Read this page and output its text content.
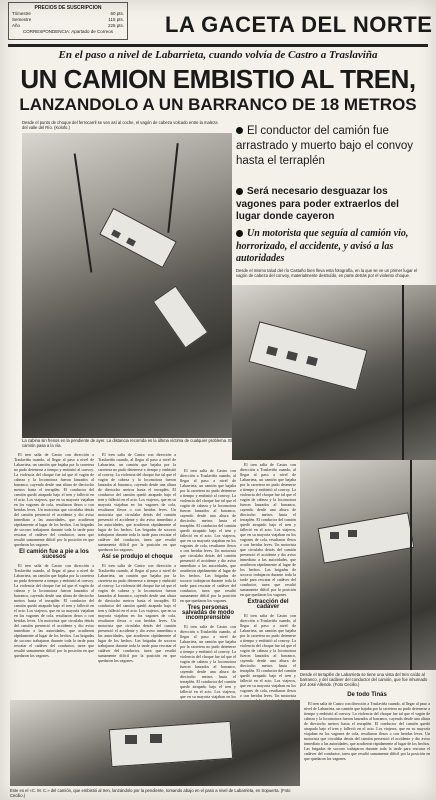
PRECIOS DE SUSCRIPCION
Trimestre	60 pts.
Semestre	115 pts.
Año	225 pts.
CORRESPONDENCIA: Apartado de Correos	LA GACETA DEL NORTE
En el paso a nivel de Labarrieta, cuando volvía de Castro a Traslaviña
UN CAMION EMBISTIO AL TREN,
LANZANDOLO A UN BARRANCO DE 18 METROS
Desde el punto de choque del ferrocarril se ven así al coche, el vagón de cabeza volcado entre la maleza del valle del Río. (Kolofo.)
La cabina sin frenos en la pendiente de ayer. La distancia recorrida es la última víctima de cualquier problema. El camión pasa a la vía.
El conductor del camión fue arrastrado y muerto bajo el convoy hasta el terraplén
Será necesario desguazar los vagones para poder extraerlos del lugar donde cayeron
Un motorista que seguía al camión vio, horrorizado, el accidente, y avisó a las autoridades
Desde el mismo talud del río Castaño bien lleva esta fotografía, en la que se ve un primer lugar el vagón de cabeza del convoy, materialmente destruído, en parte detrás por el violento choque.

El tren salía de Castro con dirección a Traslaviña cuando, al llegar al paso a nivel de Labarrieta, un camión que bajaba por la carretera no pudo detenerse a tiempo y embistió al convoy. La violencia del choque fue tal que el vagón de cabeza y la locomotora fueron lanzados al barranco, cayendo desde una altura de dieciocho metros hasta el terraplén. El conductor del camión quedó atrapado bajo el tren y falleció en el acto. Los viajeros, que en su mayoría viajaban en los vagones de cola, resultaron ilesos o con heridas leves. Un motorista que circulaba detrás del camión presenció el accidente y dio aviso inmediato a las autoridades, que acudieron rápidamente al lugar de los hechos. Las brigadas de socorro trabajaron durante toda la tarde para rescatar el cadáver del conductor, tarea que resultó sumamente difícil por la posición en que quedaron los vagones.

El camión fue a pie a los sucesos

El tren salía de Castro con dirección a Traslaviña cuando, al llegar al paso a nivel de Labarrieta, un camión que bajaba por la carretera no pudo detenerse a tiempo y embistió al convoy. La violencia del choque fue tal que el vagón de cabeza y la locomotora fueron lanzados al barranco, cayendo desde una altura de dieciocho metros hasta el terraplén. El conductor del camión quedó atrapado bajo el tren y falleció en el acto. Los viajeros, que en su mayoría viajaban en los vagones de cola, resultaron ilesos o con heridas leves. Un motorista que circulaba detrás del camión presenció el accidente y dio aviso inmediato a las autoridades, que acudieron rápidamente al lugar de los hechos. Las brigadas de socorro trabajaron durante toda la tarde para rescatar el cadáver del conductor, tarea que resultó sumamente difícil por la posición en que quedaron los vagones.

El tren salía de Castro con dirección a Traslaviña cuando, al llegar al paso a nivel de Labarrieta, un camión que bajaba por la carretera no pudo detenerse a tiempo y embistió al convoy. La violencia del choque fue tal que el vagón de cabeza y la locomotora fueron lanzados al barranco, cayendo desde una altura de dieciocho metros hasta el terraplén. El conductor del camión quedó atrapado bajo el tren y falleció en el acto. Los viajeros, que en su mayoría viajaban en los vagones de cola, resultaron ilesos o con heridas leves. Un motorista que circulaba detrás del camión presenció el accidente y dio aviso inmediato a las autoridades, que acudieron rápidamente al lugar de los hechos. Las brigadas de socorro trabajaron durante toda la tarde para rescatar el cadáver del conductor, tarea que resultó sumamente difícil por la posición en que quedaron los vagones.

Así se produjo el choque

El tren salía de Castro con dirección a Traslaviña cuando, al llegar al paso a nivel de Labarrieta, un camión que bajaba por la carretera no pudo detenerse a tiempo y embistió al convoy. La violencia del choque fue tal que el vagón de cabeza y la locomotora fueron lanzados al barranco, cayendo desde una altura de dieciocho metros hasta el terraplén. El conductor del camión quedó atrapado bajo el tren y falleció en el acto. Los viajeros, que en su mayoría viajaban en los vagones de cola, resultaron ilesos o con heridas leves. Un motorista que circulaba detrás del camión presenció el accidente y dio aviso inmediato a las autoridades, que acudieron rápidamente al lugar de los hechos. Las brigadas de socorro trabajaron durante toda la tarde para rescatar el cadáver del conductor, tarea que resultó sumamente difícil por la posición en que quedaron los vagones.

El tren salía de Castro con dirección a Traslaviña cuando, al llegar al paso a nivel de Labarrieta, un camión que bajaba por la carretera no pudo detenerse a tiempo y embistió al convoy. La violencia del choque fue tal que el vagón de cabeza y la locomotora fueron lanzados al barranco, cayendo desde una altura de dieciocho metros hasta el terraplén. El conductor del camión quedó atrapado bajo el tren y falleció en el acto. Los viajeros, que en su mayoría viajaban en los vagones de cola, resultaron ilesos o con heridas leves. Un motorista que circulaba detrás del camión presenció el accidente y dio aviso inmediato a las autoridades, que acudieron rápidamente al lugar de los hechos. Las brigadas de socorro trabajaron durante toda la tarde para rescatar el cadáver del conductor, tarea que resultó sumamente difícil por la posición en que quedaron los vagones.

Tres personas salvadas de modo incomprensible

El tren salía de Castro con dirección a Traslaviña cuando, al llegar al paso a nivel de Labarrieta, un camión que bajaba por la carretera no pudo detenerse a tiempo y embistió al convoy. La violencia del choque fue tal que el vagón de cabeza y la locomotora fueron lanzados al barranco, cayendo desde una altura de dieciocho metros hasta el terraplén. El conductor del camión quedó atrapado bajo el tren y falleció en el acto. Los viajeros, que en su mayoría viajaban en los

El tren salía de Castro con dirección a Traslaviña cuando, al llegar al paso a nivel de Labarrieta, un camión que bajaba por la carretera no pudo detenerse a tiempo y embistió al convoy. La violencia del choque fue tal que el vagón de cabeza y la locomotora fueron lanzados al barranco, cayendo desde una altura de dieciocho metros hasta el terraplén. El conductor del camión quedó atrapado bajo el tren y falleció en el acto. Los viajeros, que en su mayoría viajaban en los vagones de cola, resultaron ilesos o con heridas leves. Un motorista que circulaba detrás del camión presenció el accidente y dio aviso inmediato a las autoridades, que acudieron rápidamente al lugar de los hechos. Las brigadas de socorro trabajaron durante toda la tarde para rescatar el cadáver del conductor, tarea que resultó sumamente difícil por la posición en que quedaron los vagones.

Extracción del cadáver

El tren salía de Castro con dirección a Traslaviña cuando, al llegar al paso a nivel de Labarrieta, un camión que bajaba por la carretera no pudo detenerse a tiempo y embistió al convoy. La violencia del choque fue tal que el vagón de cabeza y la locomotora fueron lanzados al barranco, cayendo desde una altura de dieciocho metros hasta el terraplén. El conductor del camión quedó atrapado bajo el tren y falleció en el acto. Los viajeros, que en su mayoría viajaban en los vagones de cola, resultaron ilesos o con heridas leves. Un motorista	De todo Tinás

El tren salía de Castro con dirección a Traslaviña cuando, al llegar al paso a nivel de Labarrieta, un camión que bajaba por la carretera no pudo detenerse a tiempo y embistió al convoy. La violencia del choque fue tal que el vagón de cabeza y la locomotora fueron lanzados al barranco, cayendo desde una altura de dieciocho metros hasta el terraplén. El conductor del camión quedó atrapado bajo el tren y falleció en el acto. Los viajeros, que en su mayoría viajaban en los vagones de cola, resultaron ilesos o con heridas leves. Un motorista que circulaba detrás del camión presenció el accidente y dio aviso inmediato a las autoridades, que acudieron rápidamente al lugar de los hechos. Las brigadas de socorro trabajaron durante toda la tarde para rescatar el cadáver del conductor, tarea que resultó sumamente difícil por la posición en que quedaron los vagones.

Desde el terraplén de Labarrieta se tiene una vista del tren caído al barranco, y del cadáver del conductor del camión, que fue inhumado por José Allende. (Foto Cecilio.)
Este es el «C. M. C.» del camión, que embistió al tren, lanzándolo por la pendiente, tomando abajo en el paso a nivel de Labarrieta, en Sopuerta. (Foto Cecilio.)
